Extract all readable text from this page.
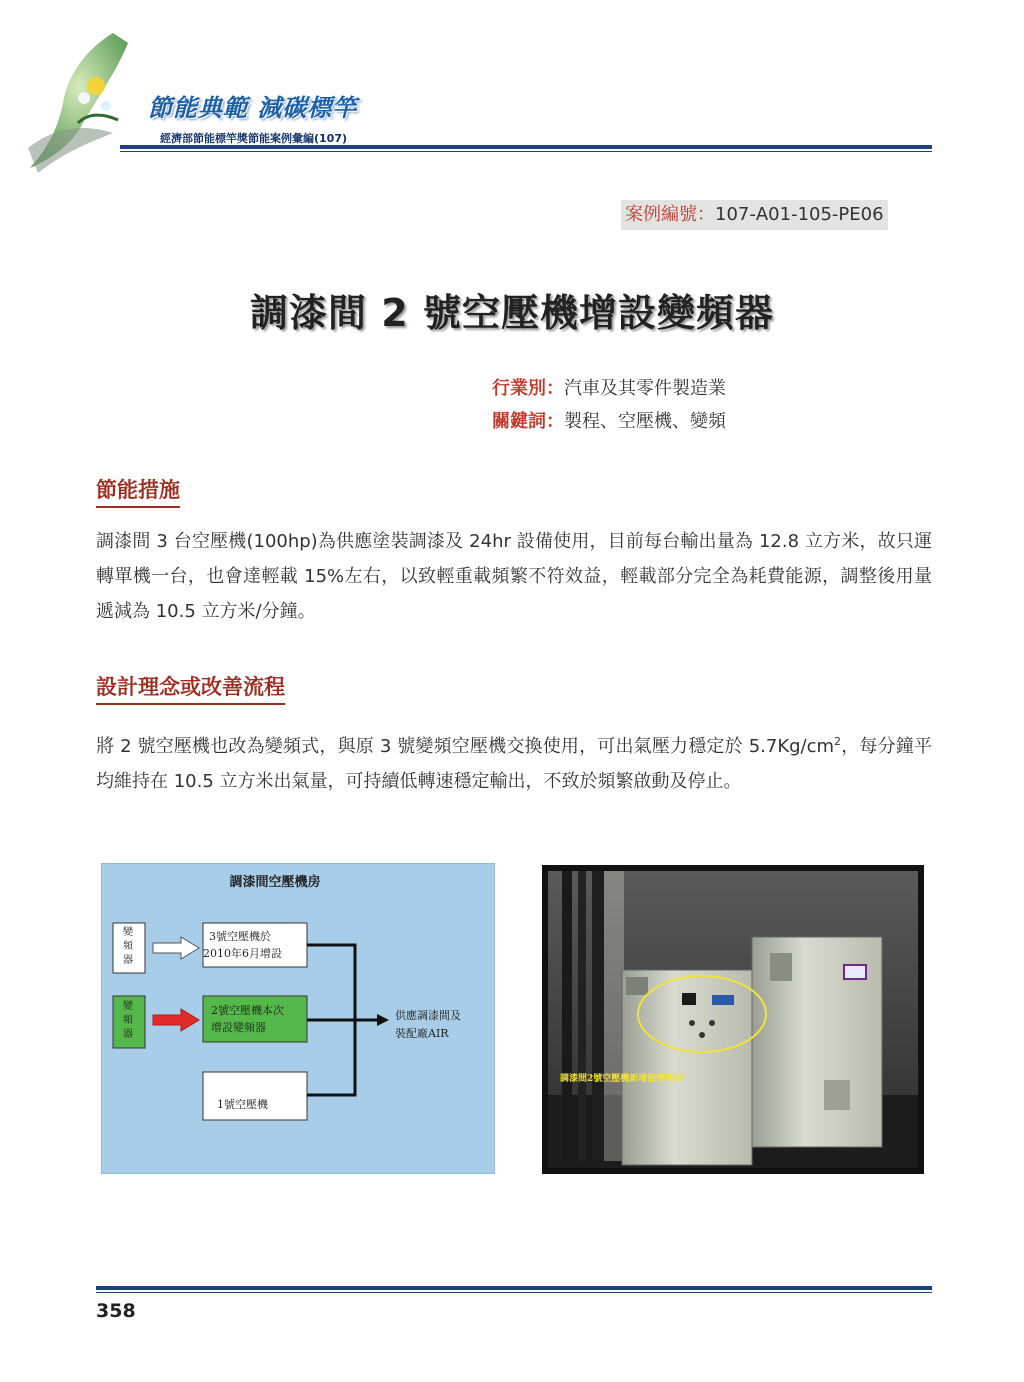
節能典範 減碳標竿
經濟部節能標竿獎節能案例彙編(107)
案例編號：107-A01-105-PE06
調漆間 2 號空壓機增設變頻器
行業別：汽車及其零件製造業
關鍵詞：製程、空壓機、變頻
節能措施
調漆間 3 台空壓機(100hp)為供應塗裝調漆及 24hr 設備使用，目前每台輸出量為 12.8 立方米，故只運轉單機一台，也會達輕載 15%左右，以致輕重載頻繁不符效益，輕載部分完全為耗費能源，調整後用量遞減為 10.5 立方米/分鐘。
設計理念或改善流程
將 2 號空壓機也改為變頻式，與原 3 號變頻空壓機交換使用，可出氣壓力穩定於 $5.7Kg/cm^2$，每分鐘平均維持在 10.5 立方米出氣量，可持續低轉速穩定輸出，不致於頻繁啟動及停止。
調漆間空壓機房
變頻器
3號空壓機於
2010年6月增設
變頻器
2號空壓機本次
增設變頻器
1號空壓機
供應調漆間及
裝配廠AIR
調漆間2號空壓機新增設變頻器
358
